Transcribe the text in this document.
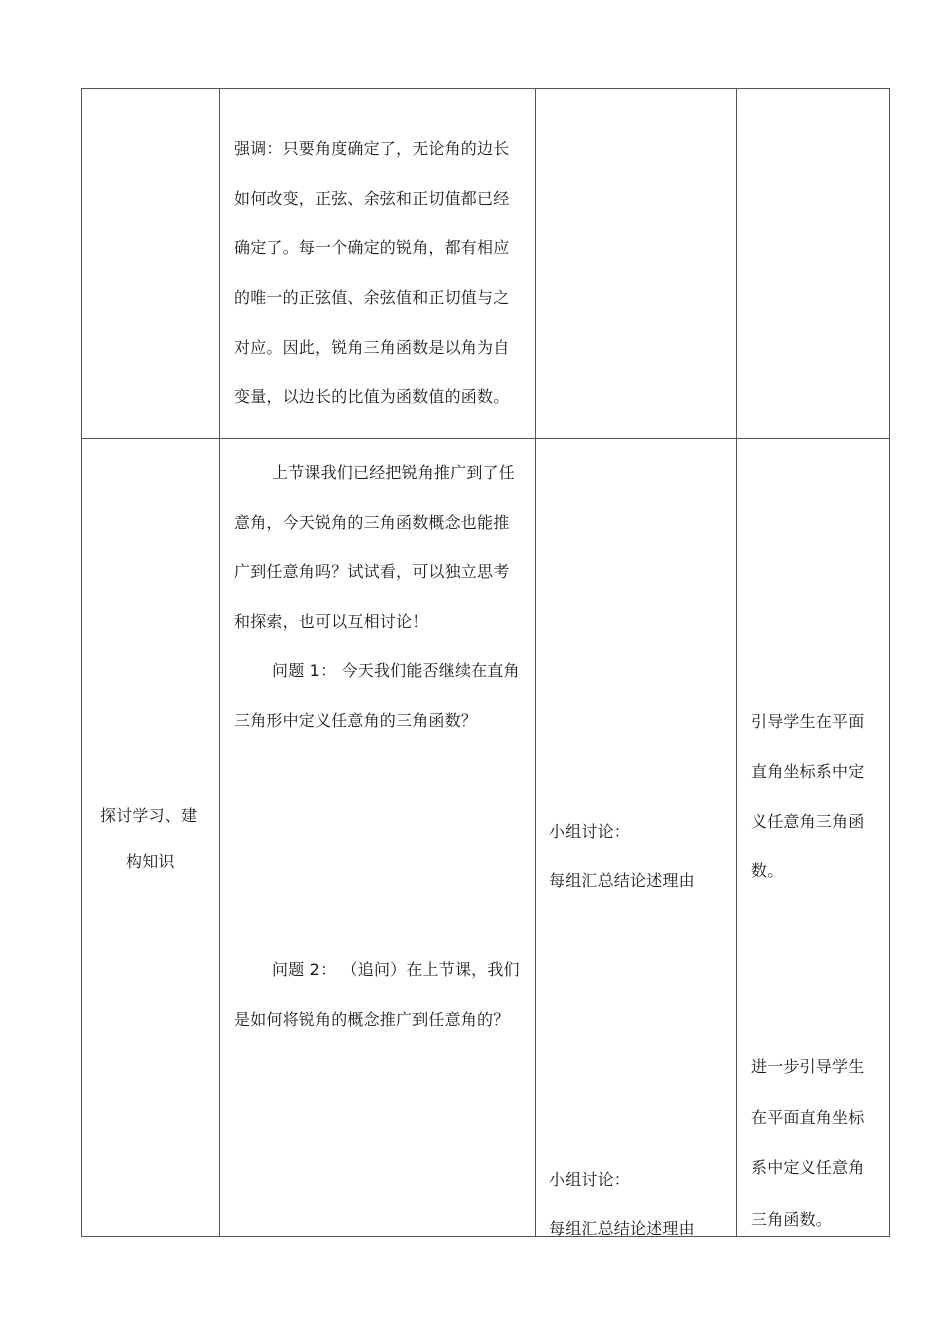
强调：只要角度确定了，无论角的边长
如何改变，正弦、余弦和正切值都已经
确定了。每一个确定的锐角，都有相应
的唯一的正弦值、余弦值和正切值与之
对应。因此，锐角三角函数是以角为自
变量，以边长的比值为函数值的函数。
探讨学习、建
构知识
上节课我们已经把锐角推广到了任
意角，今天锐角的三角函数概念也能推
广到任意角吗？试试看，可以独立思考
和探索，也可以互相讨论！
问题 1： 今天我们能否继续在直角
三角形中定义任意角的三角函数？
问题 2： （追问）在上节课，我们
是如何将锐角的概念推广到任意角的？
小组讨论：
每组汇总结论述理由
小组讨论：
每组汇总结论述理由
引导学生在平面
直角坐标系中定
义任意角三角函
数。
进一步引导学生
在平面直角坐标
系中定义任意角
三角函数。
